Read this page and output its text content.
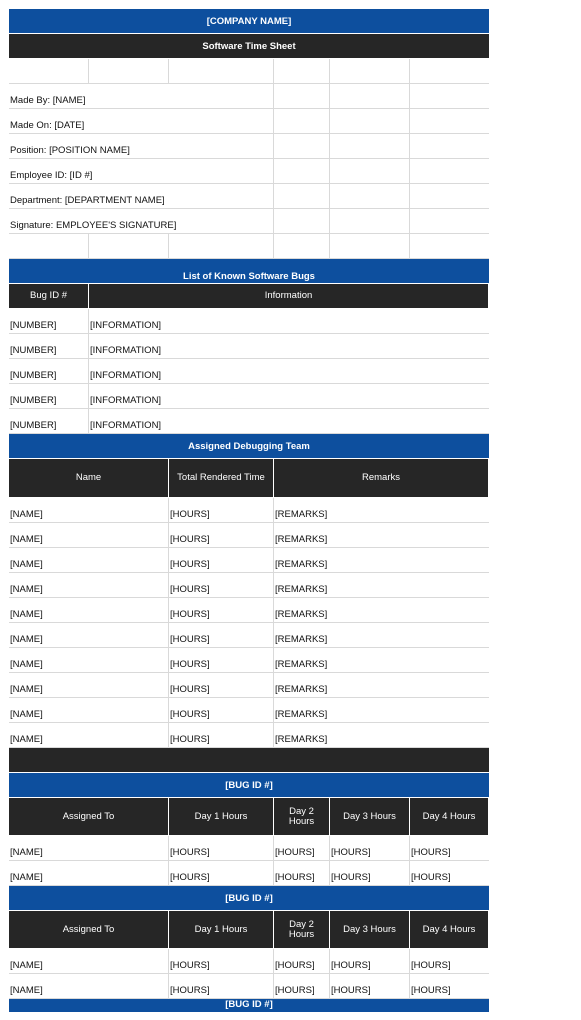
[COMPANY NAME]
Software Time Sheet
Made By: [NAME]
Made On: [DATE]
Position: [POSITION NAME]
Employee ID: [ID #]
Department: [DEPARTMENT NAME]
Signature: EMPLOYEE'S SIGNATURE]
List of Known Software Bugs
Bug ID #	Information
[NUMBER]	[INFORMATION]
[NUMBER]	[INFORMATION]
[NUMBER]	[INFORMATION]
[NUMBER]	[INFORMATION]
[NUMBER]	[INFORMATION]
Assigned Debugging Team
Name	Total Rendered Time	Remarks
[NAME]	[HOURS]	[REMARKS]
[NAME]	[HOURS]	[REMARKS]
[NAME]	[HOURS]	[REMARKS]
[NAME]	[HOURS]	[REMARKS]
[NAME]	[HOURS]	[REMARKS]
[NAME]	[HOURS]	[REMARKS]
[NAME]	[HOURS]	[REMARKS]
[NAME]	[HOURS]	[REMARKS]
[NAME]	[HOURS]	[REMARKS]
[NAME]	[HOURS]	[REMARKS]
[BUG ID #]
Assigned To	Day 1 Hours	Day 2 Hours	Day 3 Hours	Day 4 Hours
[NAME]	[HOURS]	[HOURS]	[HOURS]	[HOURS]
[NAME]	[HOURS]	[HOURS]	[HOURS]	[HOURS]
[BUG ID #]
Assigned To	Day 1 Hours	Day 2 Hours	Day 3 Hours	Day 4 Hours
[NAME]	[HOURS]	[HOURS]	[HOURS]	[HOURS]
[NAME]	[HOURS]	[HOURS]	[HOURS]	[HOURS]
[BUG ID #]
